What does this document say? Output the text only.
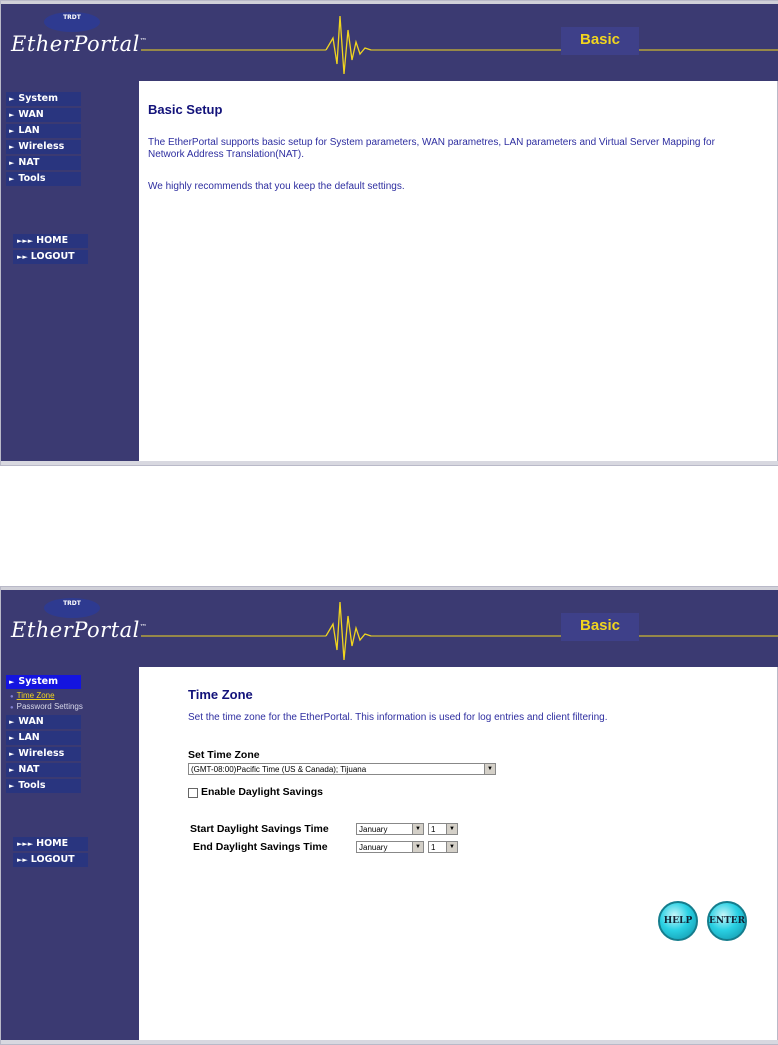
TRDT
EtherPortal™	Basic
► System
► WAN
► LAN
► Wireless
► NAT
► Tools
►►► HOME
►► LOGOUT
Basic Setup

The EtherPortal supports basic setup for System parameters, WAN parametres, LAN parameters and Virtual Server Mapping for Network Address Translation(NAT).

We highly recommends that you keep the default settings.

TRDT
EtherPortal™	Basic
► System
● Time Zone
● Password Settings
► WAN
► LAN
► Wireless
► NAT
► Tools
►►► HOME
►► LOGOUT
Time Zone

Set the time zone for the EtherPortal. This information is used for log entries and client filtering.

Set Time Zone
(GMT-08:00)Pacific Time (US & Canada); Tijuana	▼
Enable Daylight Savings
Start Daylight Savings Time	January	▼	1	▼
End Daylight Savings Time	January	▼	1	▼
HELP	ENTER
